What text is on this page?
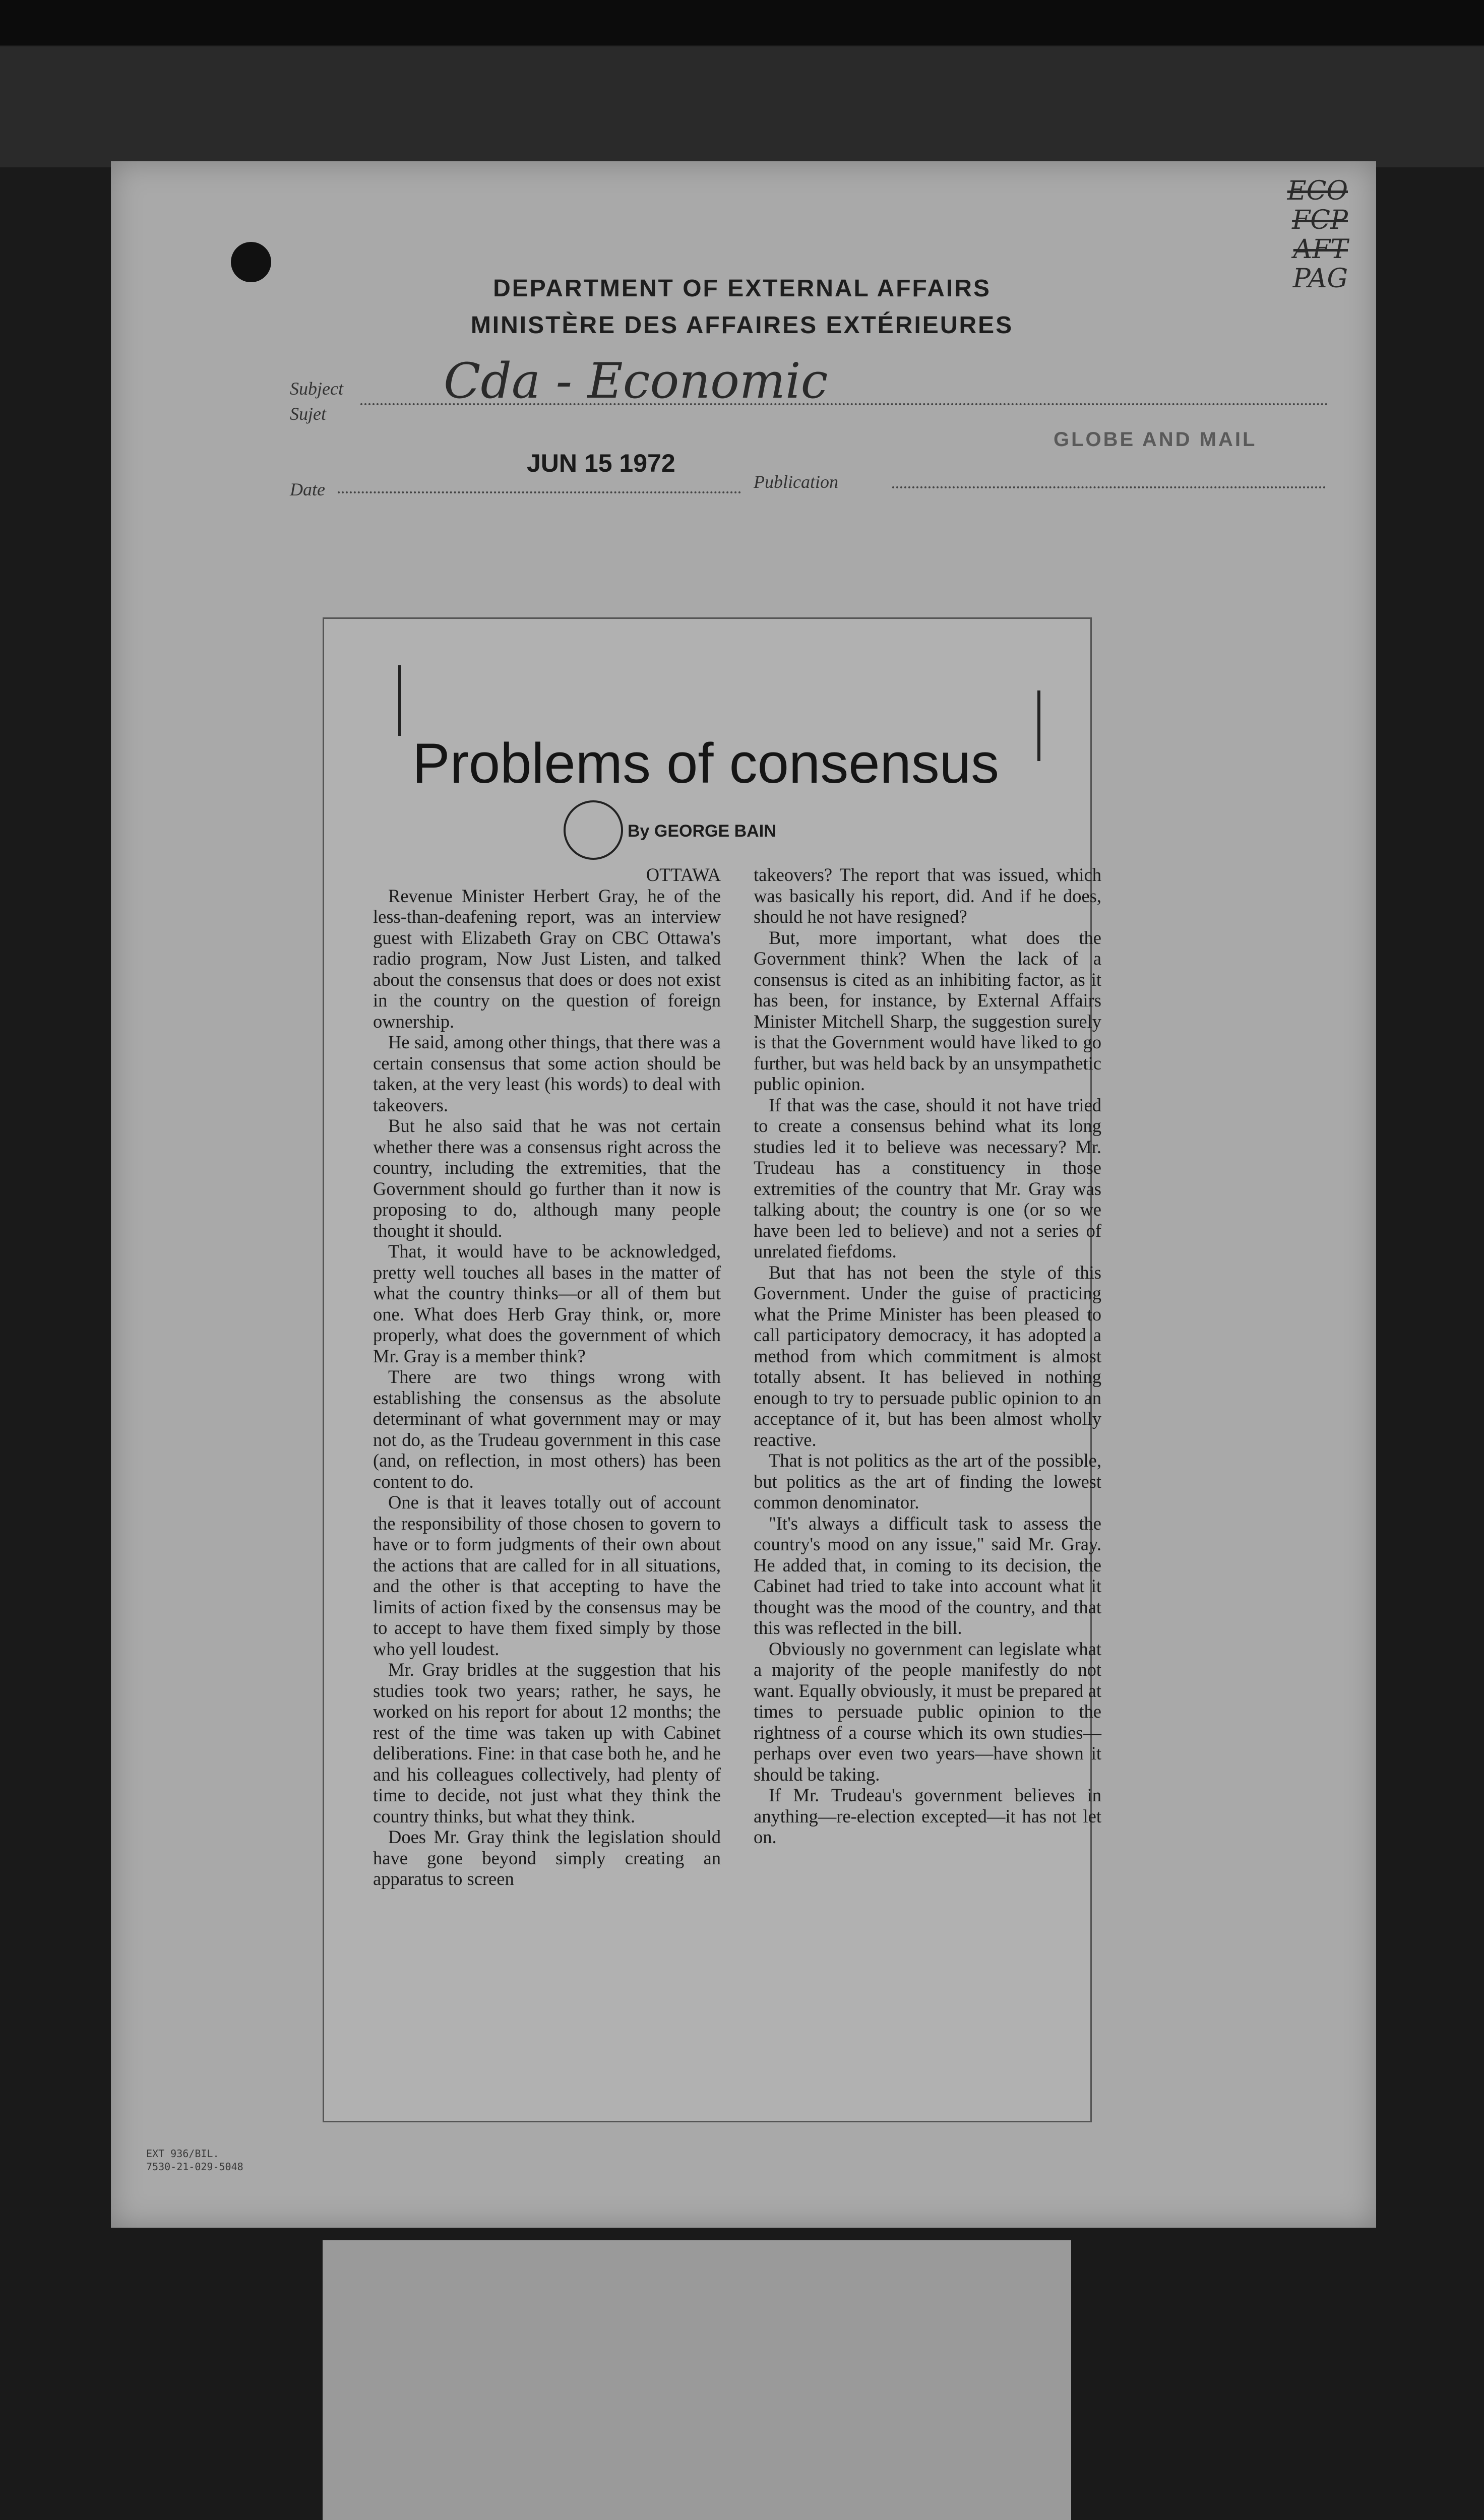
DEPARTMENT OF EXTERNAL AFFAIRS
MINISTÈRE DES AFFAIRES EXTÉRIEURES
Subject
Sujet
Cda - Economic
JUN 15 1972
GLOBE AND MAIL
Date	Publication
ECO
FCP
AFT
PAG
Problems of consensus
By GEORGE BAIN

OTTAWA

Revenue Minister Herbert Gray, he of the less-than-deafening report, was an interview guest with Elizabeth Gray on CBC Ottawa's radio program, Now Just Listen, and talked about the consensus that does or does not exist in the country on the question of foreign ownership.

He said, among other things, that there was a certain consensus that some action should be taken, at the very least (his words) to deal with takeovers.

But he also said that he was not certain whether there was a consensus right across the country, including the extremities, that the Government should go further than it now is proposing to do, although many people thought it should.

That, it would have to be acknowledged, pretty well touches all bases in the matter of what the country thinks—or all of them but one. What does Herb Gray think, or, more properly, what does the government of which Mr. Gray is a member think?

There are two things wrong with establishing the consensus as the absolute determinant of what government may or may not do, as the Trudeau government in this case (and, on reflection, in most others) has been content to do.

One is that it leaves totally out of account the responsibility of those chosen to govern to have or to form judgments of their own about the actions that are called for in all situations, and the other is that accepting to have the limits of action fixed by the consensus may be to accept to have them fixed simply by those who yell loudest.

Mr. Gray bridles at the suggestion that his studies took two years; rather, he says, he worked on his report for about 12 months; the rest of the time was taken up with Cabinet deliberations. Fine: in that case both he, and he and his colleagues collectively, had plenty of time to decide, not just what they think the country thinks, but what they think.

Does Mr. Gray think the legislation should have gone beyond simply creating an apparatus to screen

takeovers? The report that was issued, which was basically his report, did. And if he does, should he not have resigned?

But, more important, what does the Government think? When the lack of a consensus is cited as an inhibiting factor, as it has been, for instance, by External Affairs Minister Mitchell Sharp, the suggestion surely is that the Government would have liked to go further, but was held back by an unsympathetic public opinion.

If that was the case, should it not have tried to create a consensus behind what its long studies led it to believe was necessary? Mr. Trudeau has a constituency in those extremities of the country that Mr. Gray was talking about; the country is one (or so we have been led to believe) and not a series of unrelated fiefdoms.

But that has not been the style of this Government. Under the guise of practicing what the Prime Minister has been pleased to call participatory democracy, it has adopted a method from which commitment is almost totally absent. It has believed in nothing enough to try to persuade public opinion to an acceptance of it, but has been almost wholly reactive.

That is not politics as the art of the possible, but politics as the art of finding the lowest common denominator.

"It's always a difficult task to assess the country's mood on any issue," said Mr. Gray. He added that, in coming to its decision, the Cabinet had tried to take into account what it thought was the mood of the country, and that this was reflected in the bill.

Obviously no government can legislate what a majority of the people manifestly do not want. Equally obviously, it must be prepared at times to persuade public opinion to the rightness of a course which its own studies—perhaps over even two years—have shown it should be taking.

If Mr. Trudeau's government believes in anything—re-election excepted—it has not let on.

EXT 936/BIL.
7530-21-029-5048
